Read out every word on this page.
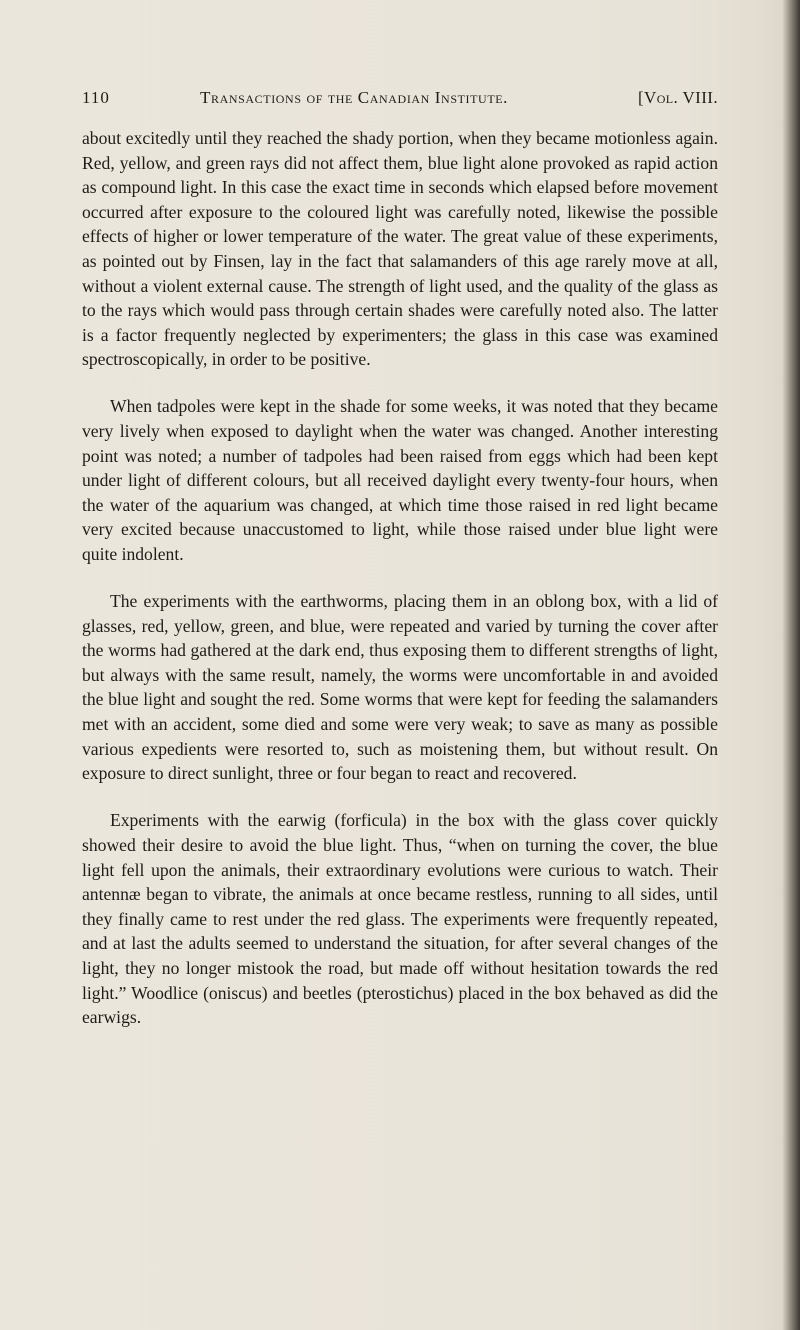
110	Transactions of the Canadian Institute.	[Vol. VIII.

about excitedly until they reached the shady portion, when they became motionless again. Red, yellow, and green rays did not affect them, blue light alone provoked as rapid action as compound light. In this case the exact time in seconds which elapsed before movement occurred after exposure to the coloured light was carefully noted, likewise the possible effects of higher or lower temperature of the water. The great value of these experiments, as pointed out by Finsen, lay in the fact that salamanders of this age rarely move at all, without a violent external cause. The strength of light used, and the quality of the glass as to the rays which would pass through certain shades were carefully noted also. The latter is a factor frequently neglected by experimenters; the glass in this case was examined spectroscopically, in order to be positive.

When tadpoles were kept in the shade for some weeks, it was noted that they became very lively when exposed to daylight when the water was changed. Another interesting point was noted; a number of tadpoles had been raised from eggs which had been kept under light of different colours, but all received daylight every twenty-four hours, when the water of the aquarium was changed, at which time those raised in red light became very excited because unaccustomed to light, while those raised under blue light were quite indolent.

The experiments with the earthworms, placing them in an oblong box, with a lid of glasses, red, yellow, green, and blue, were repeated and varied by turning the cover after the worms had gathered at the dark end, thus exposing them to different strengths of light, but always with the same result, namely, the worms were uncomfortable in and avoided the blue light and sought the red. Some worms that were kept for feeding the salamanders met with an accident, some died and some were very weak; to save as many as possible various expedients were resorted to, such as moistening them, but without result. On exposure to direct sunlight, three or four began to react and recovered.

Experiments with the earwig (forficula) in the box with the glass cover quickly showed their desire to avoid the blue light. Thus, “when on turning the cover, the blue light fell upon the animals, their extraordinary evolutions were curious to watch. Their antennæ began to vibrate, the animals at once became restless, running to all sides, until they finally came to rest under the red glass. The experiments were frequently repeated, and at last the adults seemed to understand the situation, for after several changes of the light, they no longer mistook the road, but made off without hesitation towards the red light.” Woodlice (oniscus) and beetles (pterostichus) placed in the box behaved as did the earwigs.
